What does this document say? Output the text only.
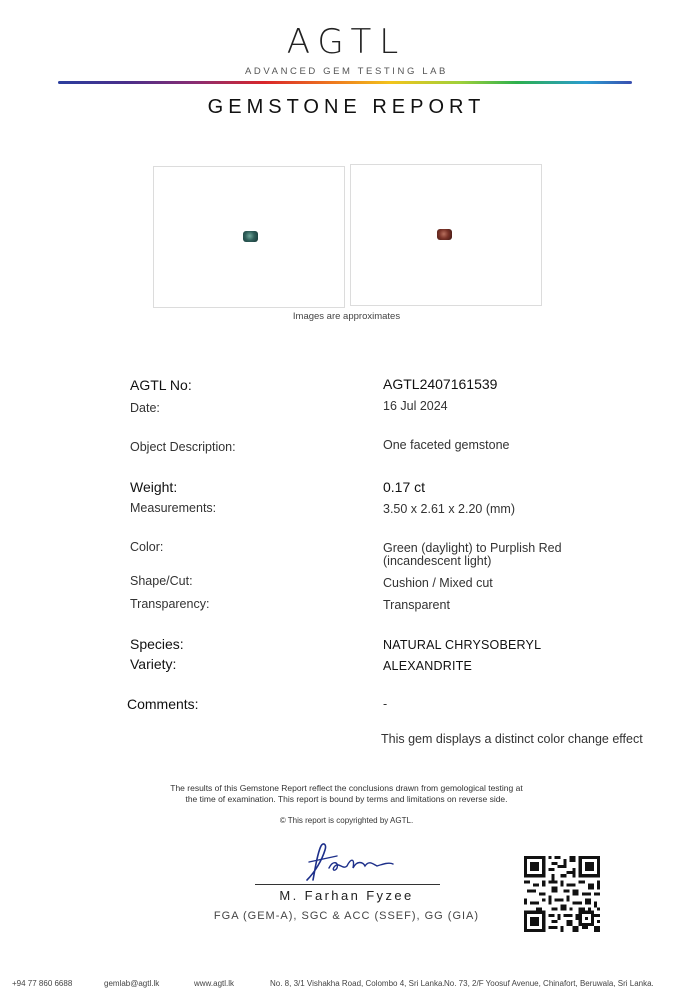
AGTL
ADVANCED GEM TESTING LAB
GEMSTONE REPORT
Images are approximates
AGTL No:	AGTL2407161539
Date:	16 Jul 2024
Object Description:	One faceted gemstone
Weight:	0.17 ct
Measurements:	3.50 x 2.61 x 2.20 (mm)
Color:	Green (daylight) to Purplish Red (incandescent light)
Shape/Cut:	Cushion / Mixed cut
Transparency:	Transparent
Species:	NATURAL CHRYSOBERYL
Variety:	ALEXANDRITE
Comments:	-
This gem displays a distinct color change effect
The results of this Gemstone Report reflect the conclusions drawn from gemological testing at
the time of examination. This report is bound by terms and limitations on reverse side.
© This report is copyrighted by AGTL.
M. Farhan Fyzee
FGA (GEM-A), SGC & ACC (SSEF), GG (GIA)
+94 77 860 6688	gemlab@agtl.lk	www.agtl.lk	No. 8, 3/1 Vishakha Road, Colombo 4, Sri Lanka. No. 73, 2/F Yoosuf Avenue, Chinafort, Beruwala, Sri Lanka.
